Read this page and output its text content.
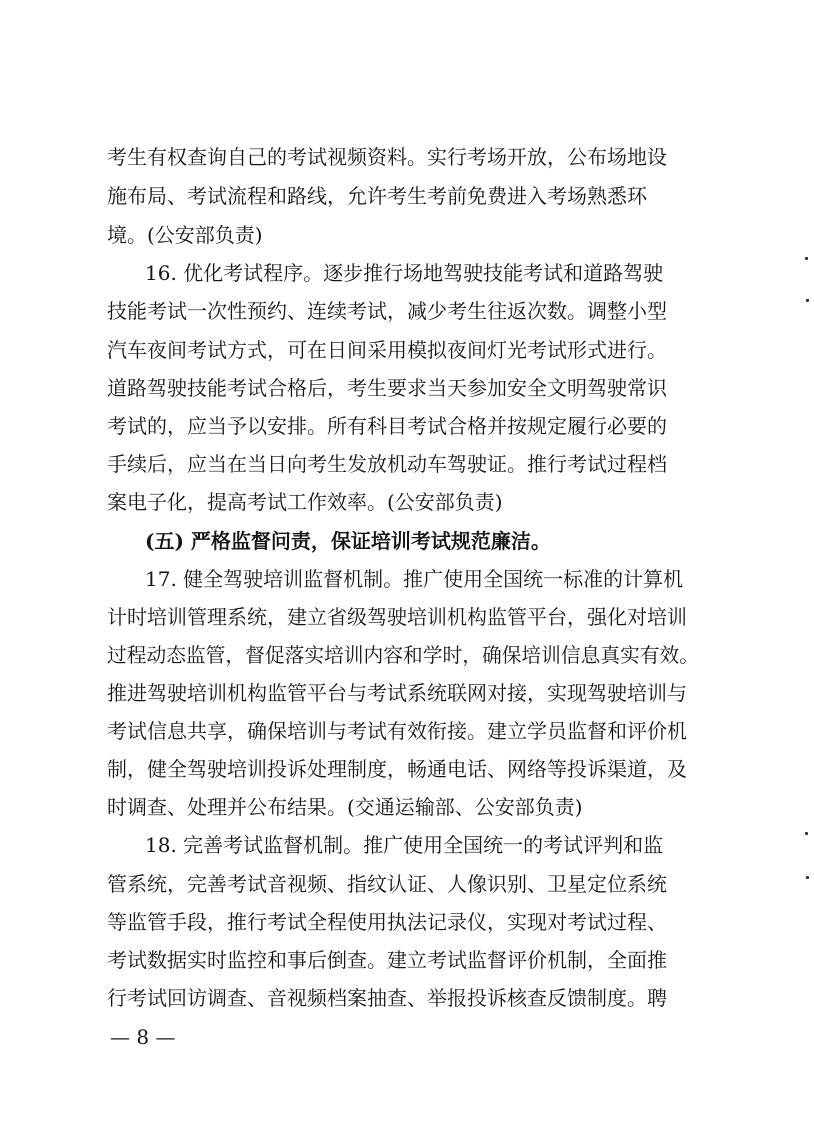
考生有权查询自己的考试视频资料。实行考场开放，公布场地设
施布局、考试流程和路线，允许考生考前免费进入考场熟悉环
境。(公安部负责)
16. 优化考试程序。逐步推行场地驾驶技能考试和道路驾驶
技能考试一次性预约、连续考试，减少考生往返次数。调整小型
汽车夜间考试方式，可在日间采用模拟夜间灯光考试形式进行。
道路驾驶技能考试合格后，考生要求当天参加安全文明驾驶常识
考试的，应当予以安排。所有科目考试合格并按规定履行必要的
手续后，应当在当日向考生发放机动车驾驶证。推行考试过程档
案电子化，提高考试工作效率。(公安部负责)
(五) 严格监督问责，保证培训考试规范廉洁。
17. 健全驾驶培训监督机制。推广使用全国统一标准的计算机
计时培训管理系统，建立省级驾驶培训机构监管平台，强化对培训
过程动态监管，督促落实培训内容和学时，确保培训信息真实有效。
推进驾驶培训机构监管平台与考试系统联网对接，实现驾驶培训与
考试信息共享，确保培训与考试有效衔接。建立学员监督和评价机
制，健全驾驶培训投诉处理制度，畅通电话、网络等投诉渠道，及
时调查、处理并公布结果。(交通运输部、公安部负责)
18. 完善考试监督机制。推广使用全国统一的考试评判和监
管系统，完善考试音视频、指纹认证、人像识别、卫星定位系统
等监管手段，推行考试全程使用执法记录仪，实现对考试过程、
考试数据实时监控和事后倒查。建立考试监督评价机制，全面推
行考试回访调查、音视频档案抽查、举报投诉核查反馈制度。聘
— 8 —
